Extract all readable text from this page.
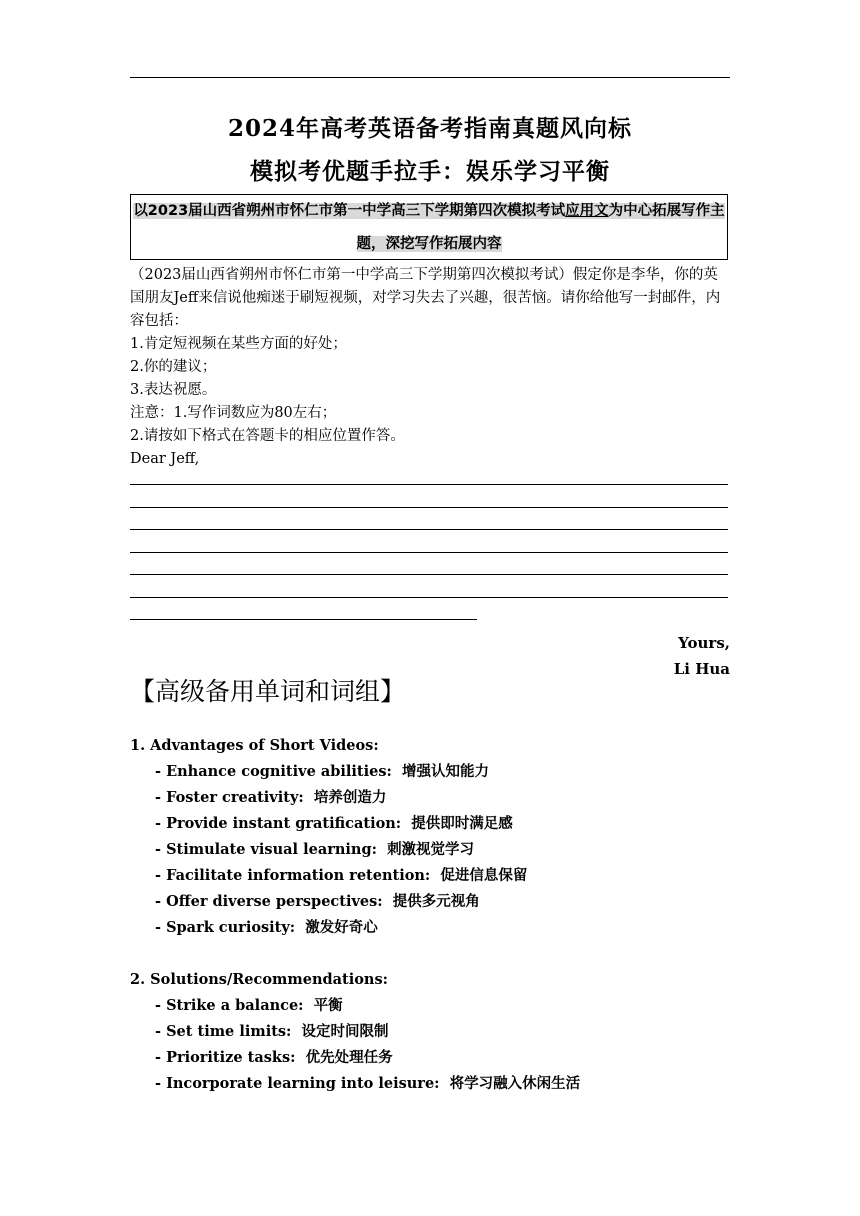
2024年高考英语备考指南真题风向标
模拟考优题手拉手：娱乐学习平衡
以2023届山西省朔州市怀仁市第一中学高三下学期第四次模拟考试应用文为中心拓展写作主题，深挖写作拓展内容

（2023届山西省朔州市怀仁市第一中学高三下学期第四次模拟考试）假定你是李华，你的英国朋友Jeff来信说他痴迷于刷短视频，对学习失去了兴趣，很苦恼。请你给他写一封邮件，内容包括：

1.肯定短视频在某些方面的好处；

2.你的建议；

3.表达祝愿。

注意：1.写作词数应为80左右；

2.请按如下格式在答题卡的相应位置作答。

Dear Jeff,

Yours,
Li Hua
【高级备用单词和词组】

1. Advantages of Short Videos:

- Enhance cognitive abilities: 增强认知能力

- Foster creativity: 培养创造力

- Provide instant gratification: 提供即时满足感

- Stimulate visual learning: 刺激视觉学习

- Facilitate information retention: 促进信息保留

- Offer diverse perspectives: 提供多元视角

- Spark curiosity: 激发好奇心

2. Solutions/Recommendations:

- Strike a balance: 平衡

- Set time limits: 设定时间限制

- Prioritize tasks: 优先处理任务

- Incorporate learning into leisure: 将学习融入休闲生活
